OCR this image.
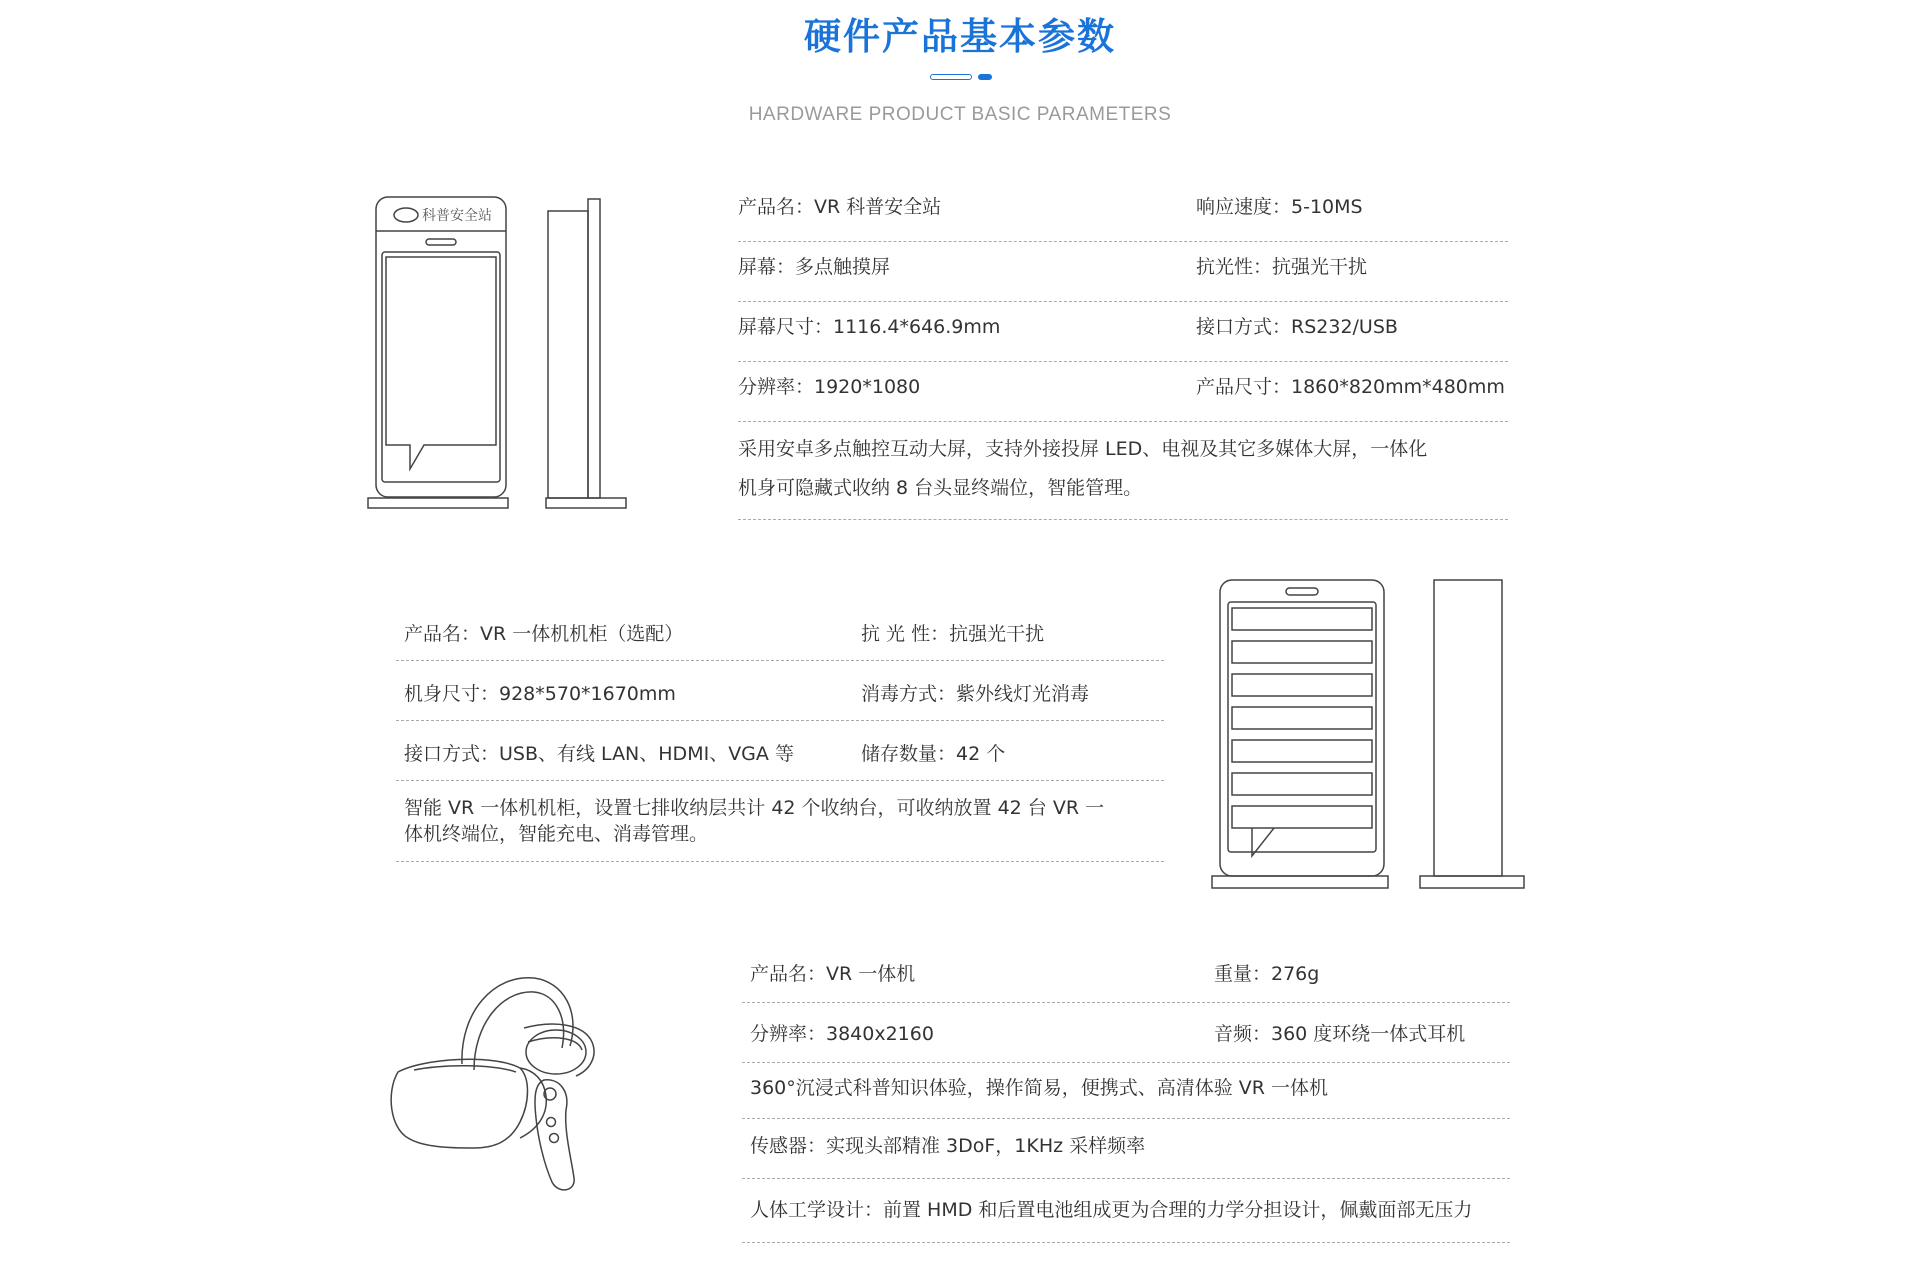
硬件产品基本参数
HARDWARE PRODUCT BASIC PARAMETERS
科普安全站	产品名：VR 科普安全站	响应速度：5-10MS
屏幕：多点触摸屏	抗光性：抗强光干扰
屏幕尺寸：1116.4*646.9mm	接口方式：RS232/USB
分辨率：1920*1080	产品尺寸：1860*820mm*480mm
采用安卓多点触控互动大屏，支持外接投屏 LED、电视及其它多媒体大屏，一体化
机身可隐藏式收纳 8 台头显终端位，智能管理。
产品名：VR 一体机机柜（选配）	抗 光 性：抗强光干扰
机身尺寸：928*570*1670mm	消毒方式：紫外线灯光消毒
接口方式：USB、有线 LAN、HDMI、VGA 等	储存数量：42 个
智能 VR 一体机机柜，设置七排收纳层共计 42 个收纳台，可收纳放置 42 台 VR 一
体机终端位，智能充电、消毒管理。
产品名：VR 一体机	重量：276g
分辨率：3840x2160	音频：360 度环绕一体式耳机
360°沉浸式科普知识体验，操作简易，便携式、高清体验 VR 一体机
传感器：实现头部精准 3DoF，1KHz 采样频率
人体工学设计：前置 HMD 和后置电池组成更为合理的力学分担设计，佩戴面部无压力
